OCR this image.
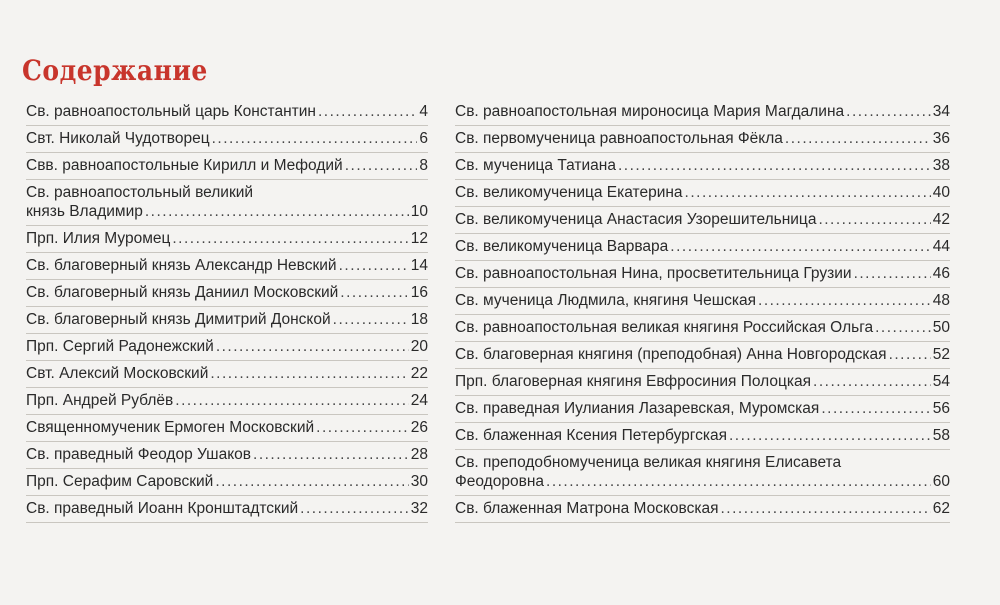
Содержание
Св. равноапостольный царь Константин .....	4
Свт. Николай Чудотворец .....	6
Свв. равноапостольные Кирилл и Мефодий .....	8
Св. равноапостольный великий
князь Владимир .....	10
Прп. Илия Муромец .....	12
Св. благоверный князь Александр Невский .....	14
Св. благоверный князь Даниил Московский .....	16
Св. благоверный князь Димитрий Донской .....	18
Прп. Сергий Радонежский .....	20
Свт. Алексий Московский .....	22
Прп. Андрей Рублёв .....	24
Священномученик Ермоген Московский .....	26
Св. праведный Феодор Ушаков .....	28
Прп. Серафим Саровский .....	30
Св. праведный Иоанн Кронштадтский .....	32
Св. равноапостольная мироносица Мария Магдалина .....	34
Св. первомученица равноапостольная Фёкла .....	36
Св. мученица Татиана .....	38
Св. великомученица Екатерина .....	40
Св. великомученица Анастасия Узорешительница .....	42
Св. великомученица Варвара .....	44
Св. равноапостольная Нина, просветительница Грузии .....	46
Св. мученица Людмила, княгиня Чешская .....	48
Св. равноапостольная великая княгиня Российская Ольга .....	50
Св. благоверная княгиня (преподобная) Анна Новгородская .....	52
Прп. благоверная княгиня Евфросиния Полоцкая .....	54
Св. праведная Иулиания Лазаревская, Муромская .....	56
Св. блаженная Ксения Петербургская .....	58
Св. преподобномученица великая княгиня Елисавета
Феодоровна .....	60
Св. блаженная Матрона Московская .....	62
